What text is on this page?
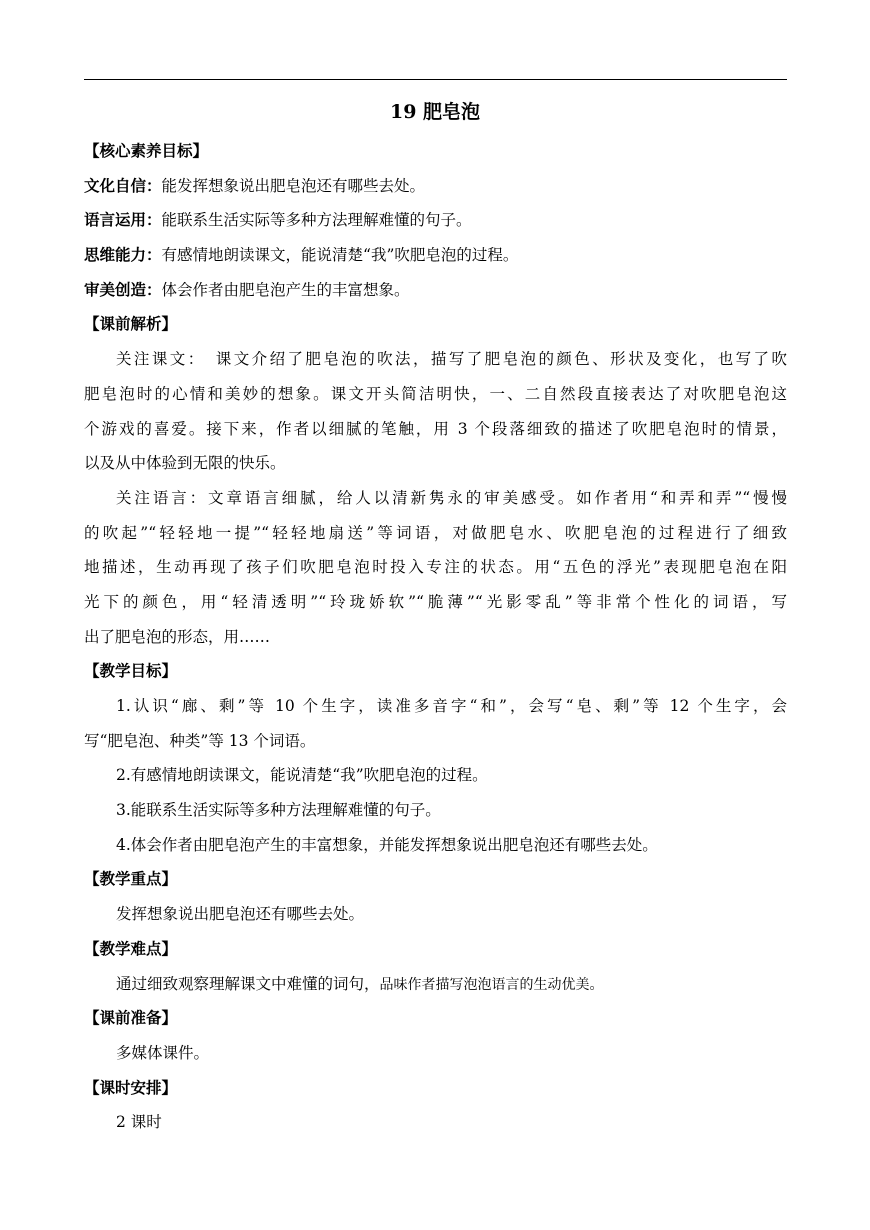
19 肥皂泡
【核心素养目标】
文化自信：能发挥想象说出肥皂泡还有哪些去处。
语言运用：能联系生活实际等多种方法理解难懂的句子。
思维能力：有感情地朗读课文，能说清楚“我”吹肥皂泡的过程。
审美创造：体会作者由肥皂泡产生的丰富想象。
【课前解析】
关注课文：　课文介绍了肥皂泡的吹法，描写了肥皂泡的颜色、形状及变化，也写了吹
肥皂泡时的心情和美妙的想象。课文开头简洁明快，一、二自然段直接表达了对吹肥皂泡这
个游戏的喜爱。接下来，作者以细腻的笔触，用 3 个段落细致的描述了吹肥皂泡时的情景，
以及从中体验到无限的快乐。
关注语言：文章语言细腻，给人以清新隽永的审美感受。如作者用“和弄和弄”“慢慢
的吹起”“轻轻地一提”“轻轻地扇送”等词语，对做肥皂水、吹肥皂泡的过程进行了细致
地描述，生动再现了孩子们吹肥皂泡时投入专注的状态。用“五色的浮光”表现肥皂泡在阳
光下的颜色，用“轻清透明”“玲珑娇软”“脆薄”“光影零乱”等非常个性化的词语，写
出了肥皂泡的形态，用……
【教学目标】
1.认识“廊、剩”等 10 个生字，读准多音字“和”，会写“皂、剩”等 12 个生字，会
写“肥皂泡、种类”等 13 个词语。
2.有感情地朗读课文，能说清楚“我”吹肥皂泡的过程。
3.能联系生活实际等多种方法理解难懂的句子。
4.体会作者由肥皂泡产生的丰富想象，并能发挥想象说出肥皂泡还有哪些去处。
【教学重点】
发挥想象说出肥皂泡还有哪些去处。
【教学难点】
通过细致观察理解课文中难懂的词句，品味作者描写泡泡语言的生动优美。
【课前准备】
多媒体课件。
【课时安排】
2 课时
